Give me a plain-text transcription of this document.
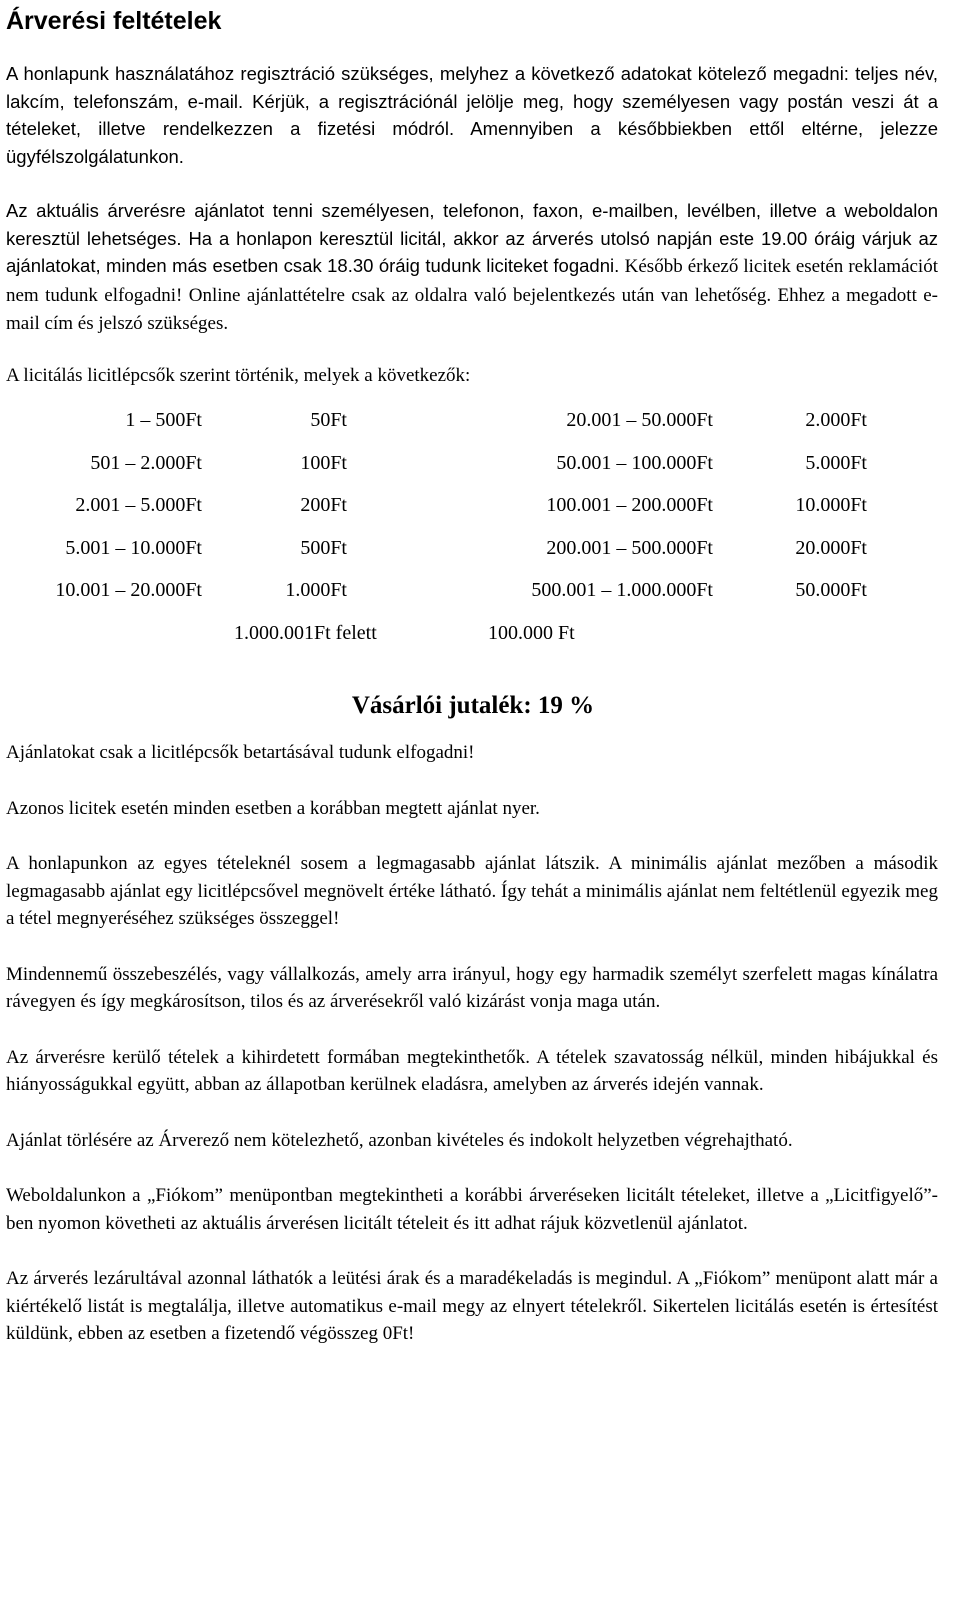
Árverési feltételek

A honlapunk használatához regisztráció szükséges, melyhez a következő adatokat kötelező megadni: teljes név, lakcím, telefonszám, e-mail. Kérjük, a regisztrációnál jelölje meg, hogy személyesen vagy postán veszi át a tételeket, illetve rendelkezzen a fizetési módról. Amennyiben a későbbiekben ettől eltérne, jelezze ügyfélszolgálatunkon.

Az aktuális árverésre ajánlatot tenni személyesen, telefonon, faxon, e-mailben, levélben, illetve a weboldalon keresztül lehetséges. Ha a honlapon keresztül licitál, akkor az árverés utolsó napján este 19.00 óráig várjuk az ajánlatokat, minden más esetben csak 18.30 óráig tudunk liciteket fogadni. Később érkező licitek esetén reklamációt nem tudunk elfogadni! Online ajánlattételre csak az oldalra való bejelentkezés után van lehetőség. Ehhez a megadott e-mail cím és jelszó szükséges.

A licitálás licitlépcsők szerint történik, melyek a következők:

1 – 500Ft	50Ft	20.001 – 50.000Ft	2.000Ft
501 – 2.000Ft	100Ft	50.001 – 100.000Ft	5.000Ft
2.001 – 5.000Ft	200Ft	100.001 – 200.000Ft	10.000Ft
5.001 – 10.000Ft	500Ft	200.001 – 500.000Ft	20.000Ft
10.001 – 20.000Ft	1.000Ft	500.001 – 1.000.000Ft	50.000Ft
1.000.001Ft felett	100.000 Ft
Vásárlói jutalék: 19 %

Ajánlatokat csak a licitlépcsők betartásával tudunk elfogadni!

Azonos licitek esetén minden esetben a korábban megtett ajánlat nyer.

A honlapunkon az egyes tételeknél sosem a legmagasabb ajánlat látszik. A minimális ajánlat mezőben a második legmagasabb ajánlat egy licitlépcsővel megnövelt értéke látható. Így tehát a minimális ajánlat nem feltétlenül egyezik meg a tétel megnyeréséhez szükséges összeggel!

Mindennemű összebeszélés, vagy vállalkozás, amely arra irányul, hogy egy harmadik személyt szerfelett magas kínálatra rávegyen és így megkárosítson, tilos és az árverésekről való kizárást vonja maga után.

Az árverésre kerülő tételek a kihirdetett formában megtekinthetők. A tételek szavatosság nélkül, minden hibájukkal és hiányosságukkal együtt, abban az állapotban kerülnek eladásra, amelyben az árverés idején vannak.

Ajánlat törlésére az Árverező nem kötelezhető, azonban kivételes és indokolt helyzetben végrehajtható.

Weboldalunkon a „Fiókom” menüpontban megtekintheti a korábbi árveréseken licitált tételeket, illetve a „Licitfigyelő”-ben nyomon követheti az aktuális árverésen licitált tételeit és itt adhat rájuk közvetlenül ajánlatot.

Az árverés lezárultával azonnal láthatók a leütési árak és a maradékeladás is megindul. A „Fiókom” menüpont alatt már a kiértékelő listát is megtalálja, illetve automatikus e-mail megy az elnyert tételekről. Sikertelen licitálás esetén is értesítést küldünk, ebben az esetben a fizetendő végösszeg 0Ft!
